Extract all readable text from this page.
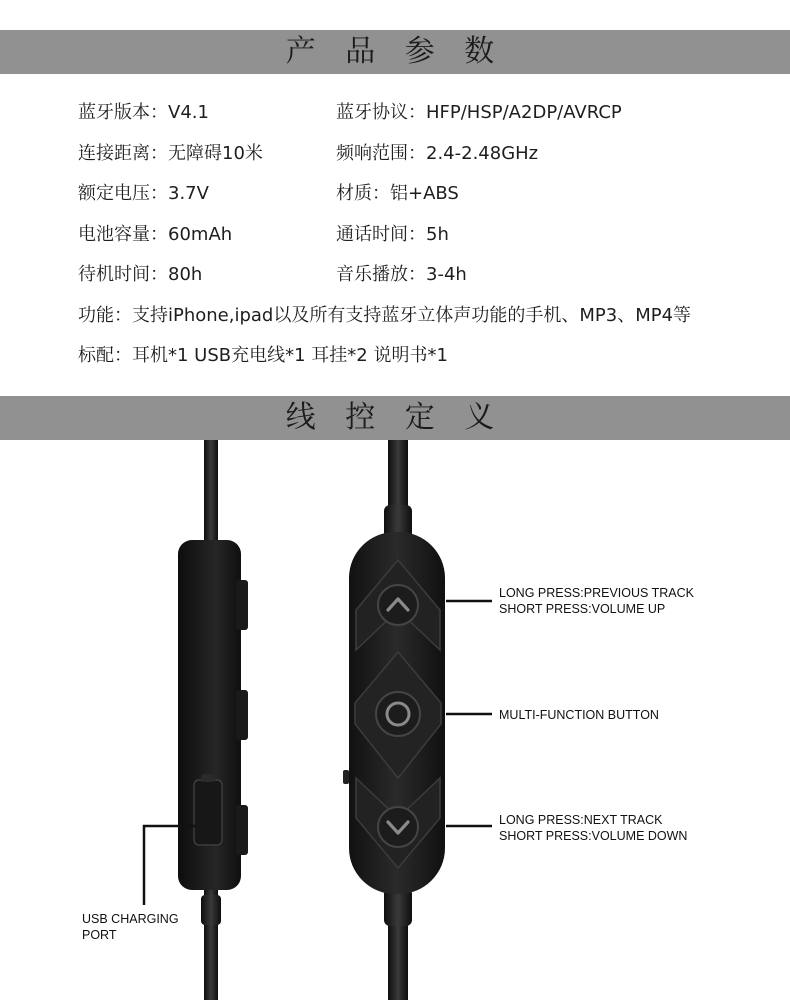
产 品 参 数
蓝牙版本：V4.1	蓝牙协议：HFP/HSP/A2DP/AVRCP
连接距离：无障碍10米	频响范围：2.4-2.48GHz
额定电压：3.7V	材质：铝+ABS
电池容量：60mAh	通话时间：5h
待机时间：80h	音乐播放：3-4h
功能：支持iPhone,ipad以及所有支持蓝牙立体声功能的手机、MP3、MP4等
标配：耳机*1 USB充电线*1 耳挂*2 说明书*1
线 控 定 义
LONG PRESS:PREVIOUS TRACK
SHORT PRESS:VOLUME UP
MULTI-FUNCTION BUTTON
LONG PRESS:NEXT TRACK
SHORT PRESS:VOLUME DOWN
USB CHARGING
PORT
